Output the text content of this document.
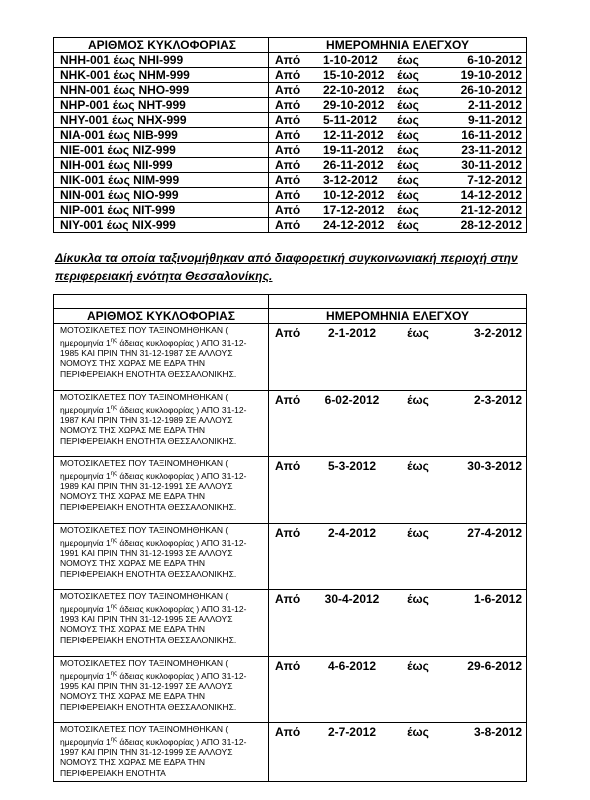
ΑΡΙΘΜΟΣ ΚΥΚΛΟΦΟΡΙΑΣ	ΗΜΕΡΟΜΗΝΙΑ ΕΛΕΓΧΟΥ
NHH-001 έως NHI-999	Από 1-10-2012 έως 6-10-2012

NHK-001 έως NHM-999	Από 15-10-2012 έως 19-10-2012

NHN-001 έως NHO-999	Από 22-10-2012 έως 26-10-2012

NHP-001 έως NHT-999	Από 29-10-2012 έως 2-11-2012

NHY-001 έως NHX-999	Από 5-11-2012 έως 9-11-2012

NIA-001 έως NIB-999	Από 12-11-2012 έως 16-11-2012

NIE-001 έως NIZ-999	Από 19-11-2012 έως 23-11-2012

NIH-001 έως NII-999	Από 26-11-2012 έως 30-11-2012

NIK-001 έως NIM-999	Από 3-12-2012 έως 7-12-2012

NIN-001 έως NIO-999	Από 10-12-2012 έως 14-12-2012

NIP-001 έως NIT-999	Από 17-12-2012 έως 21-12-2012

NIY-001 έως NIX-999	Από 24-12-2012 έως 28-12-2012
Δίκυκλα τα οποία ταξινομήθηκαν από διαφορετική συγκοινωνιακή περιοχή στην περιφερειακή ενότητα Θεσσαλονίκης.

ΑΡΙΘΜΟΣ ΚΥΚΛΟΦΟΡΙΑΣ	ΗΜΕΡΟΜΗΝΙΑ ΕΛΕΓΧΟΥ
ΜΟΤΟΣΙΚΛΕΤΕΣ ΠΟΥ ΤΑΞΙΝΟΜΗΘΗΚΑΝ ( ημερομηνία $1^{\eta\varsigma}$ άδειας κυκλοφορίας ) ΑΠΟ 31-12-1985 ΚΑΙ ΠΡΙΝ ΤΗΝ 31-12-1987 ΣΕ ΑΛΛΟΥΣ ΝΟΜΟΥΣ ΤΗΣ ΧΩΡΑΣ ΜΕ ΕΔΡΑ ΤΗΝ ΠΕΡΙΦΕΡΕΙΑΚΗ ΕΝΟΤΗΤΑ ΘΕΣΣΑΛΟΝΙΚΗΣ.	Από 2-1-2012 έως 3-2-2012

ΜΟΤΟΣΙΚΛΕΤΕΣ ΠΟΥ ΤΑΞΙΝΟΜΗΘΗΚΑΝ ( ημερομηνία $1^{\eta\varsigma}$ άδειας κυκλοφορίας ) ΑΠΟ 31-12-1987 ΚΑΙ ΠΡΙΝ ΤΗΝ 31-12-1989 ΣΕ ΑΛΛΟΥΣ ΝΟΜΟΥΣ ΤΗΣ ΧΩΡΑΣ ΜΕ ΕΔΡΑ ΤΗΝ ΠΕΡΙΦΕΡΕΙΑΚΗ ΕΝΟΤΗΤΑ ΘΕΣΣΑΛΟΝΙΚΗΣ.	Από 6-02-2012 έως 2-3-2012

ΜΟΤΟΣΙΚΛΕΤΕΣ ΠΟΥ ΤΑΞΙΝΟΜΗΘΗΚΑΝ ( ημερομηνία $1^{\eta\varsigma}$ άδειας κυκλοφορίας ) ΑΠΟ 31-12-1989 ΚΑΙ ΠΡΙΝ ΤΗΝ 31-12-1991 ΣΕ ΑΛΛΟΥΣ ΝΟΜΟΥΣ ΤΗΣ ΧΩΡΑΣ ΜΕ ΕΔΡΑ ΤΗΝ ΠΕΡΙΦΕΡΕΙΑΚΗ ΕΝΟΤΗΤΑ ΘΕΣΣΑΛΟΝΙΚΗΣ.	Από 5-3-2012 έως 30-3-2012

ΜΟΤΟΣΙΚΛΕΤΕΣ ΠΟΥ ΤΑΞΙΝΟΜΗΘΗΚΑΝ ( ημερομηνία $1^{\eta\varsigma}$ άδειας κυκλοφορίας ) ΑΠΟ 31-12-1991 ΚΑΙ ΠΡΙΝ ΤΗΝ 31-12-1993 ΣΕ ΑΛΛΟΥΣ ΝΟΜΟΥΣ ΤΗΣ ΧΩΡΑΣ ΜΕ ΕΔΡΑ ΤΗΝ ΠΕΡΙΦΕΡΕΙΑΚΗ ΕΝΟΤΗΤΑ ΘΕΣΣΑΛΟΝΙΚΗΣ.	Από 2-4-2012 έως 27-4-2012

ΜΟΤΟΣΙΚΛΕΤΕΣ ΠΟΥ ΤΑΞΙΝΟΜΗΘΗΚΑΝ ( ημερομηνία $1^{\eta\varsigma}$ άδειας κυκλοφορίας ) ΑΠΟ 31-12-1993 ΚΑΙ ΠΡΙΝ ΤΗΝ 31-12-1995 ΣΕ ΑΛΛΟΥΣ ΝΟΜΟΥΣ ΤΗΣ ΧΩΡΑΣ ΜΕ ΕΔΡΑ ΤΗΝ ΠΕΡΙΦΕΡΕΙΑΚΗ ΕΝΟΤΗΤΑ ΘΕΣΣΑΛΟΝΙΚΗΣ.	Από 30-4-2012 έως 1-6-2012

ΜΟΤΟΣΙΚΛΕΤΕΣ ΠΟΥ ΤΑΞΙΝΟΜΗΘΗΚΑΝ ( ημερομηνία $1^{\eta\varsigma}$ άδειας κυκλοφορίας ) ΑΠΟ 31-12-1995 ΚΑΙ ΠΡΙΝ ΤΗΝ 31-12-1997 ΣΕ ΑΛΛΟΥΣ ΝΟΜΟΥΣ ΤΗΣ ΧΩΡΑΣ ΜΕ ΕΔΡΑ ΤΗΝ ΠΕΡΙΦΕΡΕΙΑΚΗ ΕΝΟΤΗΤΑ ΘΕΣΣΑΛΟΝΙΚΗΣ.	Από 4-6-2012 έως 29-6-2012

ΜΟΤΟΣΙΚΛΕΤΕΣ ΠΟΥ ΤΑΞΙΝΟΜΗΘΗΚΑΝ ( ημερομηνία $1^{\eta\varsigma}$ άδειας κυκλοφορίας ) ΑΠΟ 31-12-1997 ΚΑΙ ΠΡΙΝ ΤΗΝ 31-12-1999 ΣΕ ΑΛΛΟΥΣ ΝΟΜΟΥΣ ΤΗΣ ΧΩΡΑΣ ΜΕ ΕΔΡΑ ΤΗΝ ΠΕΡΙΦΕΡΕΙΑΚΗ ΕΝΟΤΗΤΑ	Από 2-7-2012 έως 3-8-2012
